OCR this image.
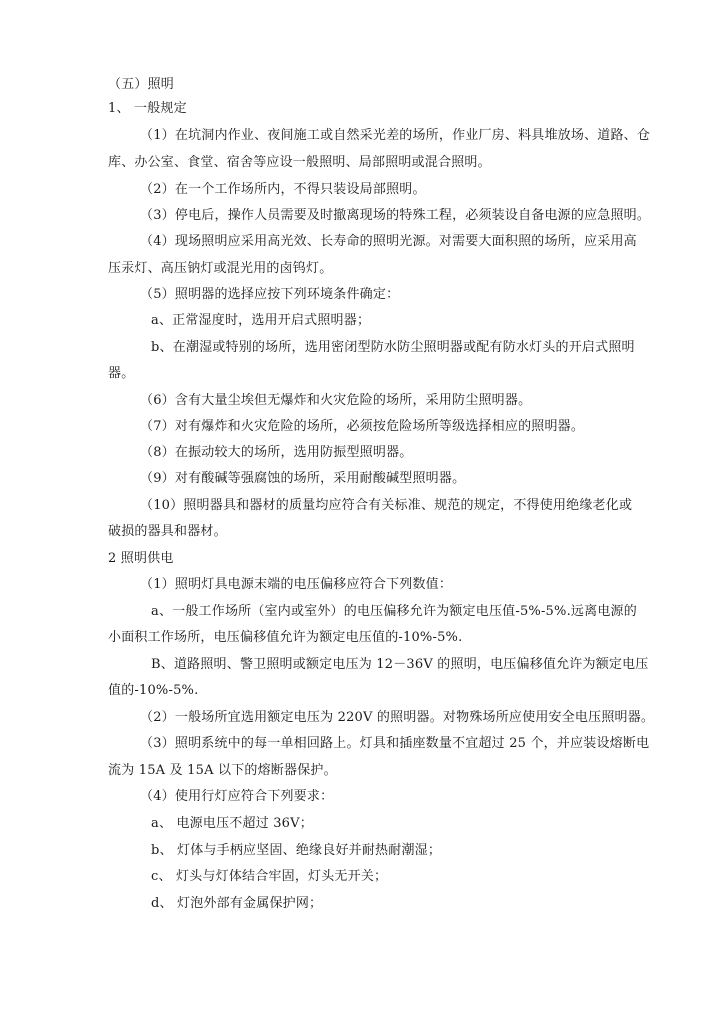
（五）照明
1、 一般规定
（1）在坑洞内作业、夜间施工或自然采光差的场所，作业厂房、料具堆放场、道路、仓
库、办公室、食堂、宿舍等应设一般照明、局部照明或混合照明。
（2）在一个工作场所内，不得只装设局部照明。
（3）停电后，操作人员需要及时撤离现场的特殊工程，必须装设自备电源的应急照明。
（4）现场照明应采用高光效、长寿命的照明光源。对需要大面积照的场所，应采用高
压汞灯、高压钠灯或混光用的卤钨灯。
（5）照明器的选择应按下列环境条件确定：
a、正常湿度时，选用开启式照明器；
b、在潮湿或特别的场所，选用密闭型防水防尘照明器或配有防水灯头的开启式照明
器。
（6）含有大量尘埃但无爆炸和火灾危险的场所，采用防尘照明器。
（7）对有爆炸和火灾危险的场所，必须按危险场所等级选择相应的照明器。
（8）在振动较大的场所，选用防振型照明器。
（9）对有酸碱等强腐蚀的场所，采用耐酸碱型照明器。
（10）照明器具和器材的质量均应符合有关标准、规范的规定，不得使用绝缘老化或
破损的器具和器材。
2 照明供电
（1）照明灯具电源末端的电压偏移应符合下列数值：
a、一般工作场所（室内或室外）的电压偏移允许为额定电压值-5%-5%.远离电源的
小面积工作场所，电压偏移值允许为额定电压值的-10%-5%.
B、道路照明、警卫照明或额定电压为 12－36V 的照明，电压偏移值允许为额定电压
值的-10%-5%.
（2）一般场所宜选用额定电压为 220V 的照明器。对物殊场所应使用安全电压照明器。
（3）照明系统中的每一单相回路上。灯具和插座数量不宜超过 25 个，并应装设熔断电
流为 15A 及 15A 以下的熔断器保护。
（4）使用行灯应符合下列要求：
a、 电源电压不超过 36V；
b、 灯体与手柄应坚固、绝缘良好并耐热耐潮湿；
c、 灯头与灯体结合牢固，灯头无开关；
d、 灯泡外部有金属保护网；
